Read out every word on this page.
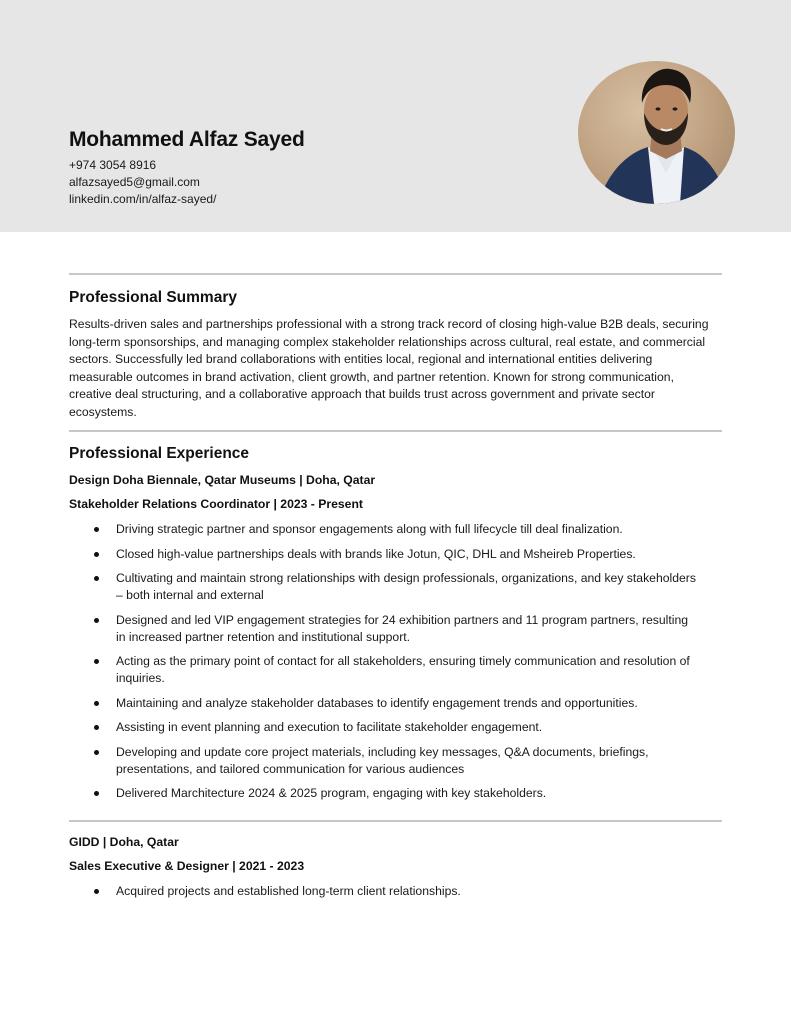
Mohammed Alfaz Sayed
+974 3054 8916
alfazsayed5@gmail.com
linkedin.com/in/alfaz-sayed/
Professional Summary
Results-driven sales and partnerships professional with a strong track record of closing high-value B2B deals, securing long-term sponsorships, and managing complex stakeholder relationships across cultural, real estate, and commercial sectors. Successfully led brand collaborations with entities local, regional and international entities delivering measurable outcomes in brand activation, client growth, and partner retention. Known for strong communication, creative deal structuring, and a collaborative approach that builds trust across government and private sector ecosystems.
Professional Experience
Design Doha Biennale, Qatar Museums | Doha, Qatar
Stakeholder Relations Coordinator | 2023 - Present
Driving strategic partner and sponsor engagements along with full lifecycle till deal finalization.
Closed high-value partnerships deals with brands like Jotun, QIC, DHL and Msheireb Properties.
Cultivating and maintain strong relationships with design professionals, organizations, and key stakeholders – both internal and external
Designed and led VIP engagement strategies for 24 exhibition partners and 11 program partners, resulting in increased partner retention and institutional support.
Acting as the primary point of contact for all stakeholders, ensuring timely communication and resolution of inquiries.
Maintaining and analyze stakeholder databases to identify engagement trends and opportunities.
Assisting in event planning and execution to facilitate stakeholder engagement.
Developing and update core project materials, including key messages, Q&A documents, briefings, presentations, and tailored communication for various audiences
Delivered Marchitecture 2024 & 2025 program, engaging with key stakeholders.
GIDD | Doha, Qatar
Sales Executive & Designer | 2021 - 2023
Acquired projects and established long-term client relationships.
